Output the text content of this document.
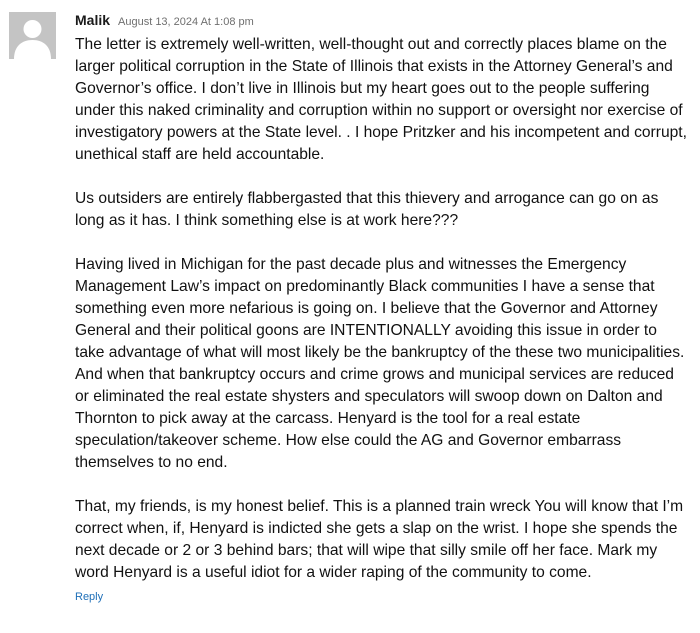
Malik August 13, 2024 At 1:08 pm

The letter is extremely well-written, well-thought out and correctly places blame on the larger political corruption in the State of Illinois that exists in the Attorney General’s and Governor’s office. I don’t live in Illinois but my heart goes out to the people suffering under this naked criminality and corruption within no support or oversight nor exercise of investigatory powers at the State level. . I hope Pritzker and his incompetent and corrupt, unethical staff are held accountable.

Us outsiders are entirely flabbergasted that this thievery and arrogance can go on as long as it has. I think something else is at work here???

Having lived in Michigan for the past decade plus and witnesses the Emergency Management Law’s impact on predominantly Black communities I have a sense that something even more nefarious is going on. I believe that the Governor and Attorney General and their political goons are INTENTIONALLY avoiding this issue in order to take advantage of what will most likely be the bankruptcy of the these two municipalities. And when that bankruptcy occurs and crime grows and municipal services are reduced or eliminated the real estate shysters and speculators will swoop down on Dalton and Thornton to pick away at the carcass. Henyard is the tool for a real estate speculation/takeover scheme. How else could the AG and Governor embarrass themselves to no end.

That, my friends, is my honest belief. This is a planned train wreck You will know that I’m correct when, if, Henyard is indicted she gets a slap on the wrist. I hope she spends the next decade or 2 or 3 behind bars; that will wipe that silly smile off her face. Mark my word Henyard is a useful idiot for a wider raping of the community to come.

Reply
